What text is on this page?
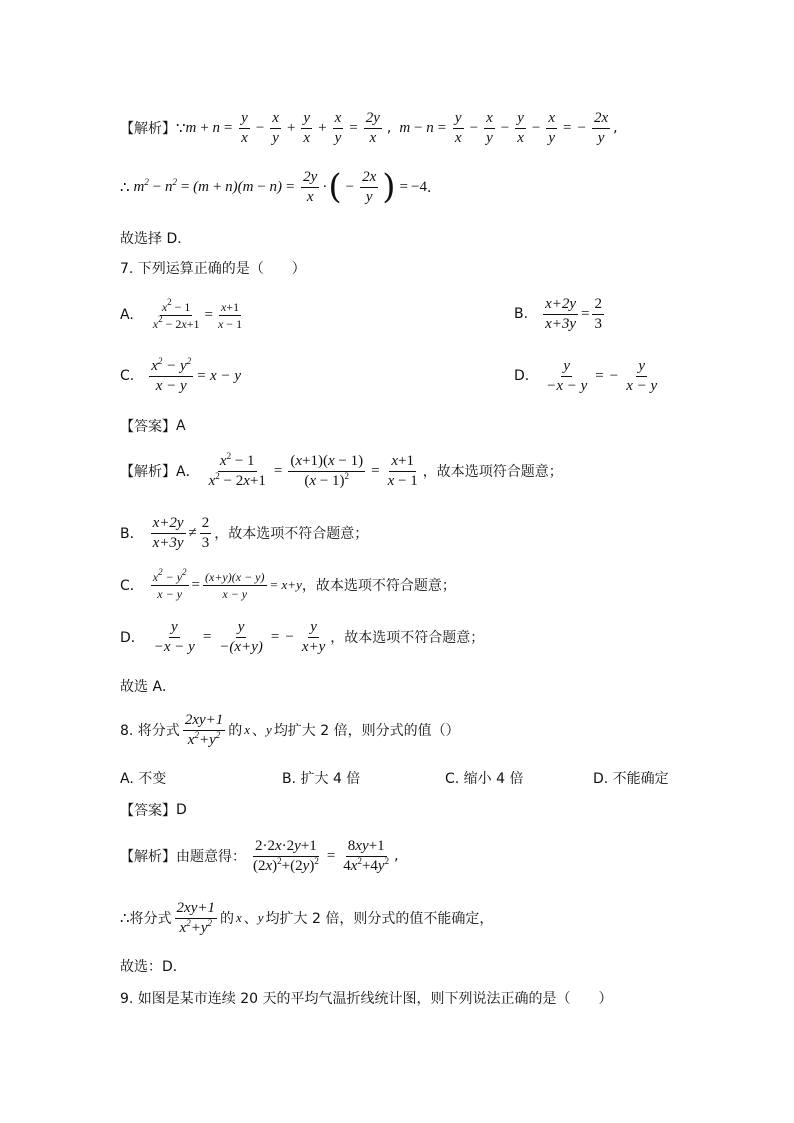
【解析】 ∵ $m + n = \frac{y}{x} - \frac{x}{y} + \frac{y}{x} + \frac{x}{y} = \frac{2y}{x}$ , $m - n = \frac{y}{x} - \frac{x}{y} - \frac{y}{x} - \frac{x}{y}$ = − $\frac{2x}{y}$ ,
∴ $m^2 - n^2 = (m + n)(m - n) = \frac{2y}{x}$ · ( − $\frac{2x}{y}$ ) = −4 ．
故选择 D．
7. 下列运算正确的是（　　）
A. $\frac{x^2 - 1}{x^2 - 2x+1} = \frac{x+1}{x - 1}$	B. $\frac{x+2y}{x+3y} = \frac{2}{3}$
C. $\frac{x^2 - y^2}{x - y} = x - y$	D. $\frac{y}{-x - y}$ = − $\frac{y}{x - y}$
【答案】 A
【解析】A． $\frac{x^2 - 1}{x^2 - 2x+1} = \frac{(x+1)(x - 1)}{(x - 1)^2} = \frac{x+1}{x - 1}$ ，故本选项符合题意；
B． $\frac{x+2y}{x+3y} \ne \frac{2}{3}$ ，故本选项不符合题意；
C． $\frac{x^2 - y^2}{x - y} = \frac{(x+y)(x - y)}{x - y} = x+y$ ，故本选项不符合题意；
D． $\frac{y}{-x - y} = \frac{y}{-(x+y)}$ = − $\frac{y}{x+y}$ ，故本选项不符合题意；
故选 A．
8. 将分式 $\frac{2xy+1}{x^2+y^2}$ 的 x 、 y 均扩大 2 倍，则分式的值（）
A. 不变	B. 扩大 4 倍	C. 缩小 4 倍	D. 不能确定
【答案】 D
【解析】由题意得： $\frac{2\cdot 2x\cdot 2y+1}{(2x)^2+(2y)^2} = \frac{8xy+1}{4x^2+4y^2}$ ,
∴ 将分式 $\frac{2xy+1}{x^2+y^2}$ 的 x 、 y 均扩大 2 倍，则分式的值不能确定，
故选：D．
9. 如图是某市连续 20 天的平均气温折线统计图，则下列说法正确的是（　　）
